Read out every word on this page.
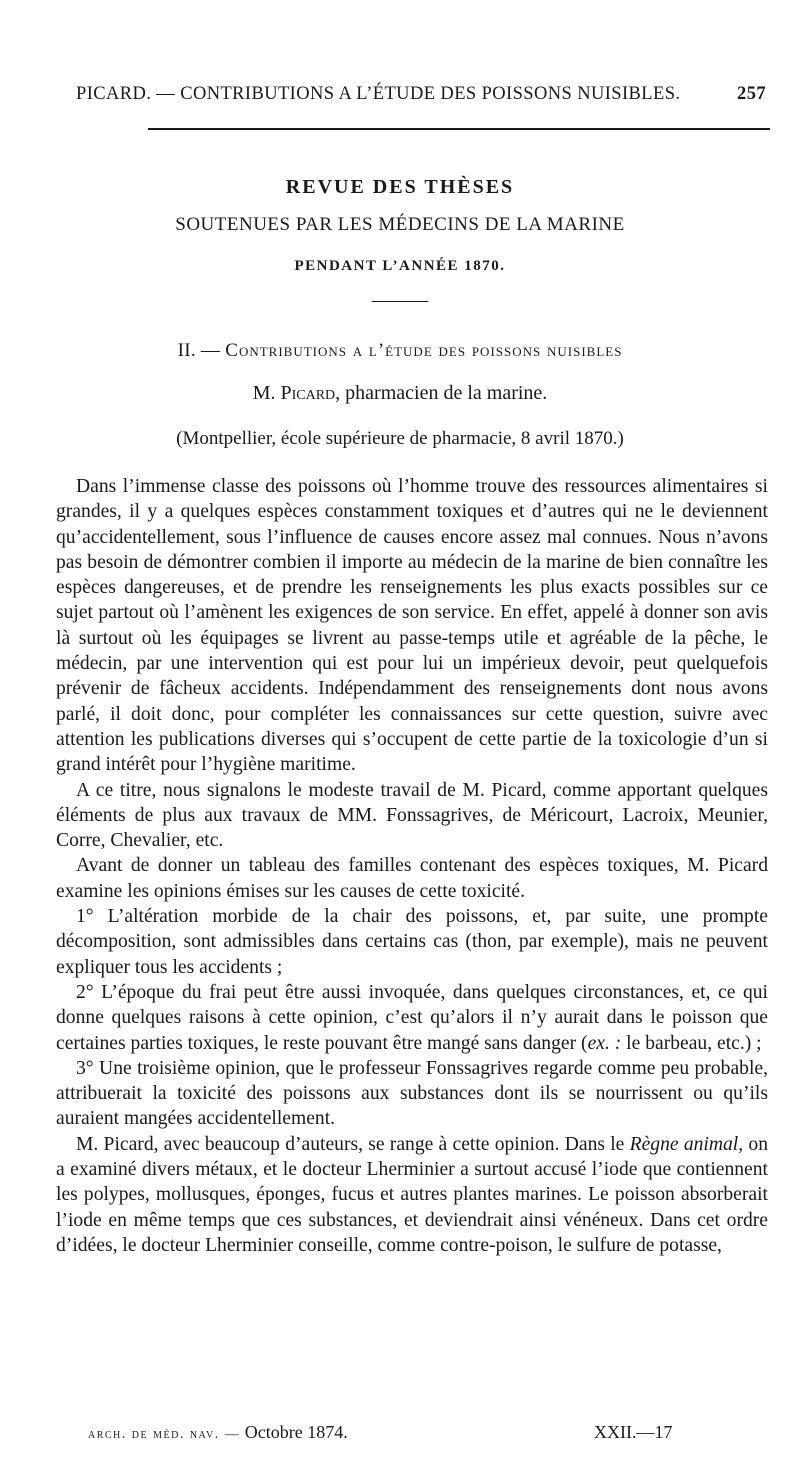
PICARD. — CONTRIBUTIONS A L’ÉTUDE DES POISSONS NUISIBLES.	257
REVUE DES THÈSES
SOUTENUES PAR LES MÉDECINS DE LA MARINE
PENDANT L’ANNÉE 1870.
II. — Contributions a l’étude des poissons nuisibles
M. Picard, pharmacien de la marine.
(Montpellier, école supérieure de pharmacie, 8 avril 1870.)

Dans l’immense classe des poissons où l’homme trouve des ressources alimentaires si grandes, il y a quelques espèces constamment toxiques et d’autres qui ne le deviennent qu’accidentellement, sous l’influence de causes encore assez mal connues. Nous n’avons pas besoin de démontrer combien il importe au médecin de la marine de bien connaître les espèces dangereuses, et de prendre les renseignements les plus exacts possibles sur ce sujet partout où l’amènent les exigences de son service. En effet, appelé à donner son avis là surtout où les équipages se livrent au passe-temps utile et agréable de la pêche, le médecin, par une intervention qui est pour lui un impérieux devoir, peut quelquefois prévenir de fâcheux accidents. Indépendamment des renseignements dont nous avons parlé, il doit donc, pour compléter les connaissances sur cette question, suivre avec attention les publications diverses qui s’occupent de cette partie de la toxicologie d’un si grand intérêt pour l’hygiène maritime.

A ce titre, nous signalons le modeste travail de M. Picard, comme apportant quelques éléments de plus aux travaux de MM. Fonssagrives, de Méricourt, Lacroix, Meunier, Corre, Chevalier, etc.

Avant de donner un tableau des familles contenant des espèces toxiques, M. Picard examine les opinions émises sur les causes de cette toxicité.

1° L’altération morbide de la chair des poissons, et, par suite, une prompte décomposition, sont admissibles dans certains cas (thon, par exemple), mais ne peuvent expliquer tous les accidents ;

2° L’époque du frai peut être aussi invoquée, dans quelques circonstances, et, ce qui donne quelques raisons à cette opinion, c’est qu’alors il n’y aurait dans le poisson que certaines parties toxiques, le reste pouvant être mangé sans danger (ex. : le barbeau, etc.) ;

3° Une troisième opinion, que le professeur Fonssagrives regarde comme peu probable, attribuerait la toxicité des poissons aux substances dont ils se nourrissent ou qu’ils auraient mangées accidentellement.

M. Picard, avec beaucoup d’auteurs, se range à cette opinion. Dans le Règne animal, on a examiné divers métaux, et le docteur Lherminier a surtout accusé l’iode que contiennent les polypes, mollusques, éponges, fucus et autres plantes marines. Le poisson absorberait l’iode en même temps que ces substances, et deviendrait ainsi vénéneux. Dans cet ordre d’idées, le docteur Lherminier conseille, comme contre-poison, le sulfure de potasse,

arch. de méd. nav. — Octobre 1874.	XXII.—17
